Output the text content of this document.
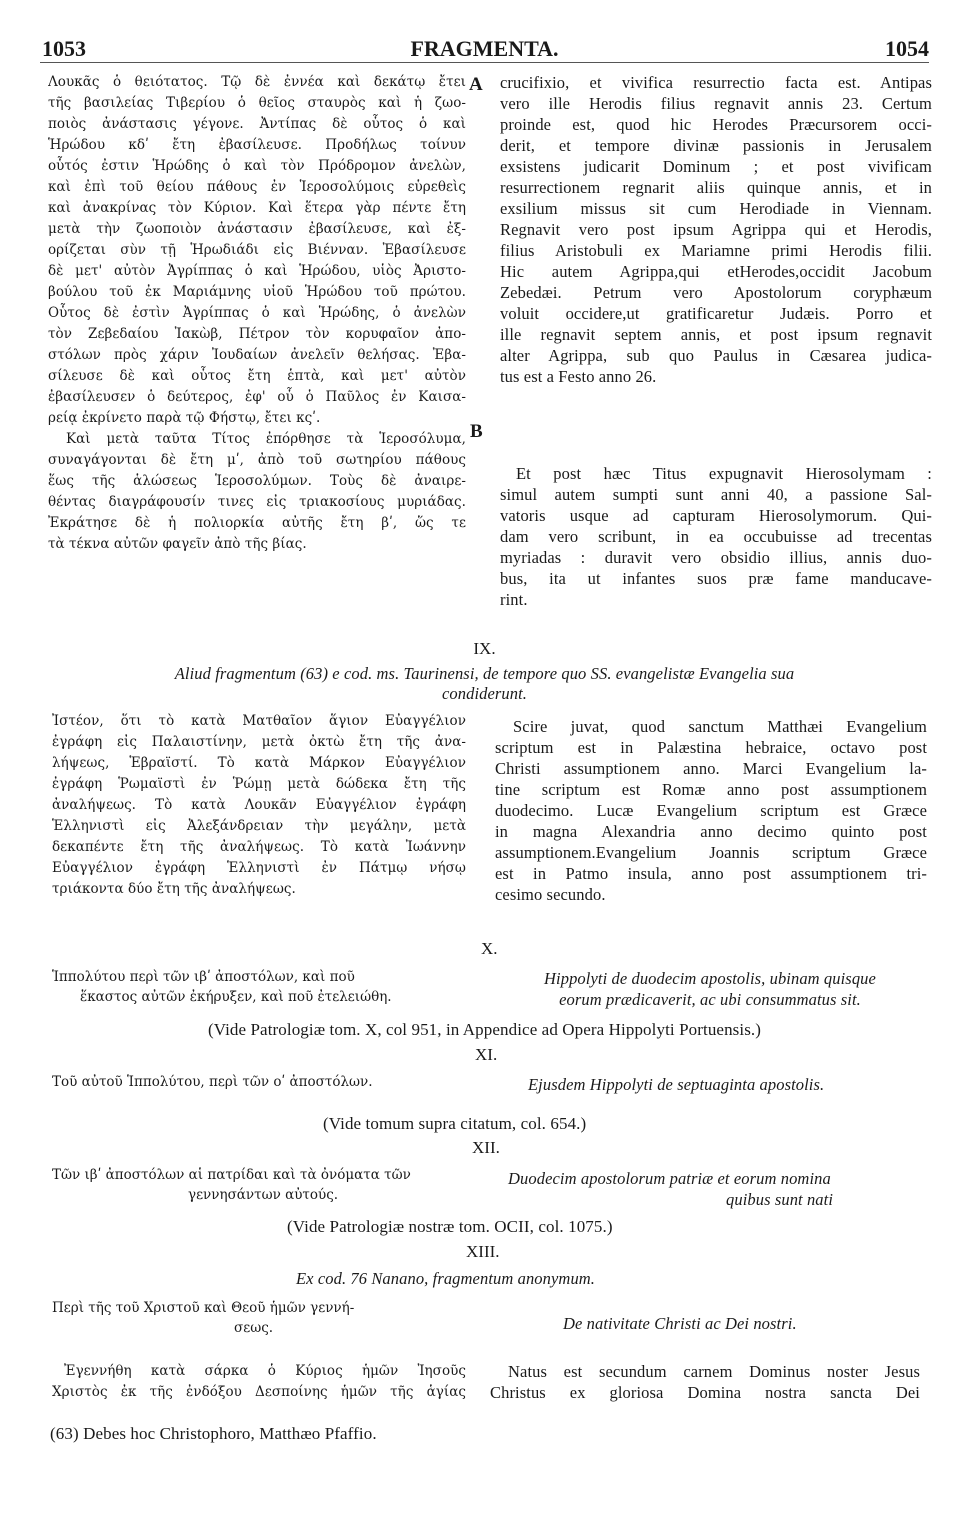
1053	FRAGMENTA.	1054
A
B
Λουκᾶς ὁ θειότατος. Τῷ δὲ ἐννέα καὶ δεκάτῳ ἔτει
τῆς βασιλείας Τιβερίου ὁ θεῖος σταυρὸς καὶ ἡ ζωο-
ποιὸς ἀνάστασις γέγονε. Ἀντίπας δὲ οὗτος ὁ καὶ
Ἡρώδου κδʹ ἔτη ἐβασίλευσε. Προδήλως τοίνυν
οὗτός ἐστιν Ἡρώδης ὁ καὶ τὸν Πρόδρομον ἀνελὼν,
καὶ ἐπὶ τοῦ θείου πάθους ἐν Ἱεροσολύμοις εὑρεθεὶς
καὶ ἀνακρίνας τὸν Κύριον. Καὶ ἕτερα γὰρ πέντε ἔτη
μετὰ τὴν ζωοποιὸν ἀνάστασιν ἐβασίλευσε, καὶ ἐξ-
ορίζεται σὺν τῇ Ἡρωδιάδι εἰς Βιένναν. Ἐβασίλευσε
δὲ μετ' αὐτὸν Ἀγρίππας ὁ καὶ Ἡρώδου, υἱὸς Ἀριστο-
βούλου τοῦ ἐκ Μαριάμνης υἱοῦ Ἡρώδου τοῦ πρώτου.
Οὗτος δὲ ἐστὶν Ἀγρίππας ὁ καὶ Ἡρώδης, ὁ ἀνελὼν
τὸν Ζεβεδαίου Ἰακὼβ, Πέτρον τὸν κορυφαῖον ἀπο-
στόλων πρὸς χάριν Ἰουδαίων ἀνελεῖν θελήσας. Ἐβα-
σίλευσε δὲ καὶ οὗτος ἔτη ἑπτὰ, καὶ μετ' αὐτὸν
ἐβασίλευσεν ὁ δεύτερος, ἐφ' οὗ ὁ Παῦλος ἐν Καισα-
ρείᾳ ἐκρίνετο παρὰ τῷ Φήστῳ, ἔτει κςʹ.
Καὶ μετὰ ταῦτα Τίτος ἐπόρθησε τὰ Ἱεροσόλυμα,
συναγάγονται δὲ ἔτη μʹ, ἀπὸ τοῦ σωτηρίου πάθους
ἕως τῆς ἁλώσεως Ἱεροσολύμων. Τοὺς δὲ ἀναιρε-
θέντας διαγράφουσίν τινες εἰς τριακοσίους μυριάδας.
Ἐκράτησε δὲ ἡ πολιορκία αὐτῆς ἔτη βʹ, ὥς τε
τὰ τέκνα αὐτῶν φαγεῖν ἀπὸ τῆς βίας.
crucifixio, et vivifica resurrectio facta est. Antipas
vero ille Herodis filius regnavit annis 23. Certum
proinde est, quod hic Herodes Præcursorem occi-
derit, et tempore divinæ passionis in Jerusalem
exsistens judicarit Dominum ; et post vivificam
resurrectionem regnarit aliis quinque annis, et in
exsilium missus sit cum Herodiade in Viennam.
Regnavit vero post ipsum Agrippa qui et Herodis,
filius Aristobuli ex Mariamne primi Herodis filii.
Hic autem Agrippa,qui etHerodes,occidit Jacobum
Zebedæi. Petrum vero Apostolorum coryphæum
voluit occidere,ut gratificaretur Judæis. Porro et
ille regnavit septem annis, et post ipsum regnavit
alter Agrippa, sub quo Paulus in Cæsarea judica-
tus est a Festo anno 26.
Et post hæc Titus expugnavit Hierosolymam :
simul autem sumpti sunt anni 40, a passione Sal-
vatoris usque ad capturam Hierosolymorum. Qui-
dam vero scribunt, in ea occubuisse ad trecentas
myriadas : duravit vero obsidio illius, annis duo-
bus, ita ut infantes suos præ fame manducave-
rint.
IX.
Aliud fragmentum (63) e cod. ms. Taurinensi, de tempore quo SS. evangelistæ Evangelia sua
condiderunt.
Ἰστέον, ὅτι τὸ κατὰ Ματθαῖον ἅγιον Εὐαγγέλιον
ἐγράφη εἰς Παλαιστίνην, μετὰ ὀκτὼ ἔτη τῆς ἀνα-
λήψεως, Ἑβραϊστί. Τὸ κατὰ Μάρκον Εὐαγγέλιον
ἐγράφη Ῥωμαϊστὶ ἐν Ῥώμῃ μετὰ δώδεκα ἔτη τῆς
ἀναλήψεως. Τὸ κατὰ Λουκᾶν Εὐαγγέλιον ἐγράφη
Ἑλληνιστὶ εἰς Ἀλεξάνδρειαν τὴν μεγάλην, μετὰ
δεκαπέντε ἔτη τῆς ἀναλήψεως. Τὸ κατὰ Ἰωάννην
Εὐαγγέλιον ἐγράφη Ἑλληνιστὶ ἐν Πάτμῳ νήσῳ
τριάκοντα δύο ἔτη τῆς ἀναλήψεως.
Scire juvat, quod sanctum Matthæi Evangelium
scriptum est in Palæstina hebraice, octavo post
Christi assumptionem anno. Marci Evangelium la-
tine scriptum est Romæ anno post assumptionem
duodecimo. Lucæ Evangelium scriptum est Græce
in magna Alexandria anno decimo quinto post
assumptionem.Evangelium Joannis scriptum Græce
est in Patmo insula, anno post assumptionem tri-
cesimo secundo.
X.
Ἱππολύτου περὶ τῶν ιβʹ ἀποστόλων, καὶ ποῦ
ἕκαστος αὐτῶν ἐκήρυξεν, καὶ ποῦ ἐτελειώθη.
Hippolyti de duodecim apostolis, ubinam quisque
eorum prædicaverit, ac ubi consummatus sit.
(Vide Patrologiæ tom. X, col 951, in Appendice ad Opera Hippolyti Portuensis.)
XI.
Τοῦ αὐτοῦ Ἱππολύτου, περὶ τῶν οʹ ἀποστόλων.	Ejusdem Hippolyti de septuaginta apostolis.
(Vide tomum supra citatum, col. 654.)
XII.
Τῶν ιβʹ ἀποστόλων αἱ πατρίδαι καὶ τὰ ὀνόματα τῶν
γεννησάντων αὐτούς.
Duodecim apostolorum patriæ et eorum nomina
quibus sunt nati
(Vide Patrologiæ nostræ tom. OCII, col. 1075.)
XIII.
Ex cod. 76 Nanano, fragmentum anonymum.
Περὶ τῆς τοῦ Χριστοῦ καὶ Θεοῦ ἡμῶν γεννή-
σεως.	De nativitate Christi ac Dei nostri.
Ἐγεννήθη κατὰ σάρκα ὁ Κύριος ἡμῶν Ἰησοῦς
Χριστὸς ἐκ τῆς ἐνδόξου Δεσποίνης ἡμῶν τῆς ἁγίας
Natus est secundum carnem Dominus noster Jesus
Christus ex gloriosa Domina nostra sancta Dei
(63) Debes hoc Christophoro, Matthæo Pfaffio.
